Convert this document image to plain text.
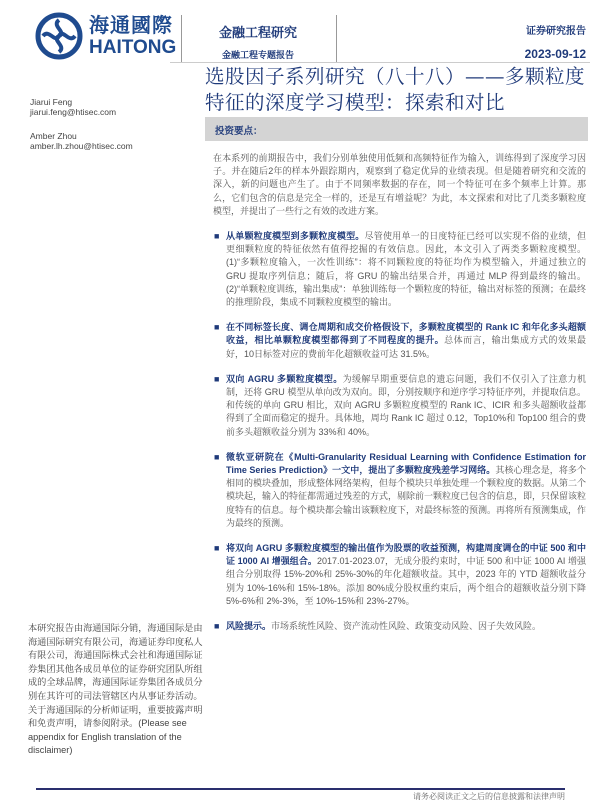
海通國際
HAITONG
金融工程研究
金融工程专题报告
证券研究报告
2023-09-12
选股因子系列研究（八十八）——多颗粒度特征的深度学习模型：探索和对比
Jiarui Feng
jiarui.feng@htisec.com
Amber Zhou
amber.lh.zhou@htisec.com
投资要点：

在本系列的前期报告中，我们分别单独使用低频和高频特征作为输入，训练得到了深度学习因子。并在随后2年的样本外跟踪期内，观察到了稳定优异的业绩表现。但是随着研究和交流的深入，新的问题也产生了。由于不同频率数据的存在，同一个特征可在多个频率上计算。那么，它们包含的信息是完全一样的，还是互有增益呢？为此，本文探索和对比了几类多颗粒度模型，并提出了一些行之有效的改进方案。

■ 从单颗粒度模型到多颗粒度模型。尽管使用单一的日度特征已经可以实现不俗的业绩，但更细颗粒度的特征依然有值得挖掘的有效信息。因此，本文引入了两类多颗粒度模型。(1)“多颗粒度输入，一次性训练”：将不同颗粒度的特征均作为模型输入，并通过独立的 GRU 提取序列信息；随后，将 GRU 的输出结果合并，再通过 MLP 得到最终的输出。(2)“单颗粒度训练，输出集成”：单独训练每一个颗粒度的特征，输出对标签的预测；在最终的推理阶段，集成不同颗粒度模型的输出。

■ 在不同标签长度、调仓周期和成交价格假设下，多颗粒度模型的 Rank IC 和年化多头超额收益，相比单颗粒度模型都得到了不同程度的提升。总体而言，输出集成方式的效果最好，10日标签对应的费前年化超额收益可达 31.5%。

■ 双向 AGRU 多颗粒度模型。为缓解早期重要信息的遗忘问题，我们不仅引入了注意力机制，还将 GRU 模型从单向改为双向。即，分别按顺序和逆序学习特征序列，并提取信息。和传统的单向 GRU 相比，双向 AGRU 多颗粒度模型的 Rank IC、ICIR 和多头超额收益都得到了全面而稳定的提升。具体地，周均 Rank IC 超过 0.12，Top10%和 Top100 组合的费前多头超额收益分别为 33%和 40%。

■ 微软亚研院在《Multi-Granularity Residual Learning with Confidence Estimation for Time Series Prediction》一文中，提出了多颗粒度残差学习网络。其核心理念是，将多个相同的模块叠加，形成整体网络架构，但每个模块只单独处理一个颗粒度的数据。从第二个模块起，输入的特征都需通过残差的方式，剔除前一颗粒度已包含的信息，即，只保留该粒度特有的信息。每个模块都会输出该颗粒度下，对最终标签的预测。再将所有预测集成，作为最终的预测。

■ 将双向 AGRU 多颗粒度模型的输出值作为股票的收益预测，构建周度调仓的中证 500 和中证 1000 AI 增强组合。2017.01-2023.07，无成分股约束时，中证 500 和中证 1000 AI 增强组合分别取得 15%-20%和 25%-30%的年化超额收益。其中，2023 年的 YTD 超额收益分别为 10%-16%和 15%-18%。添加 80%成分股权重约束后，两个组合的超额收益分别下降 5%-6%和 2%-3%，至 10%-15%和 23%-27%。

■ 风险提示。市场系统性风险、资产流动性风险、政策变动风险、因子失效风险。

本研究报告由海通国际分销，海通国际是由海通国际研究有限公司，海通证券印度私人有限公司，海通国际株式会社和海通国际证券集团其他各成员单位的证券研究团队所组成的全球品牌，海通国际证券集团各成员分别在其许可的司法管辖区内从事证券活动。关于海通国际的分析师证明，重要披露声明和免责声明，请参阅附录。(Please see appendix for English translation of the disclaimer)
请务必阅读正文之后的信息披露和法律声明
